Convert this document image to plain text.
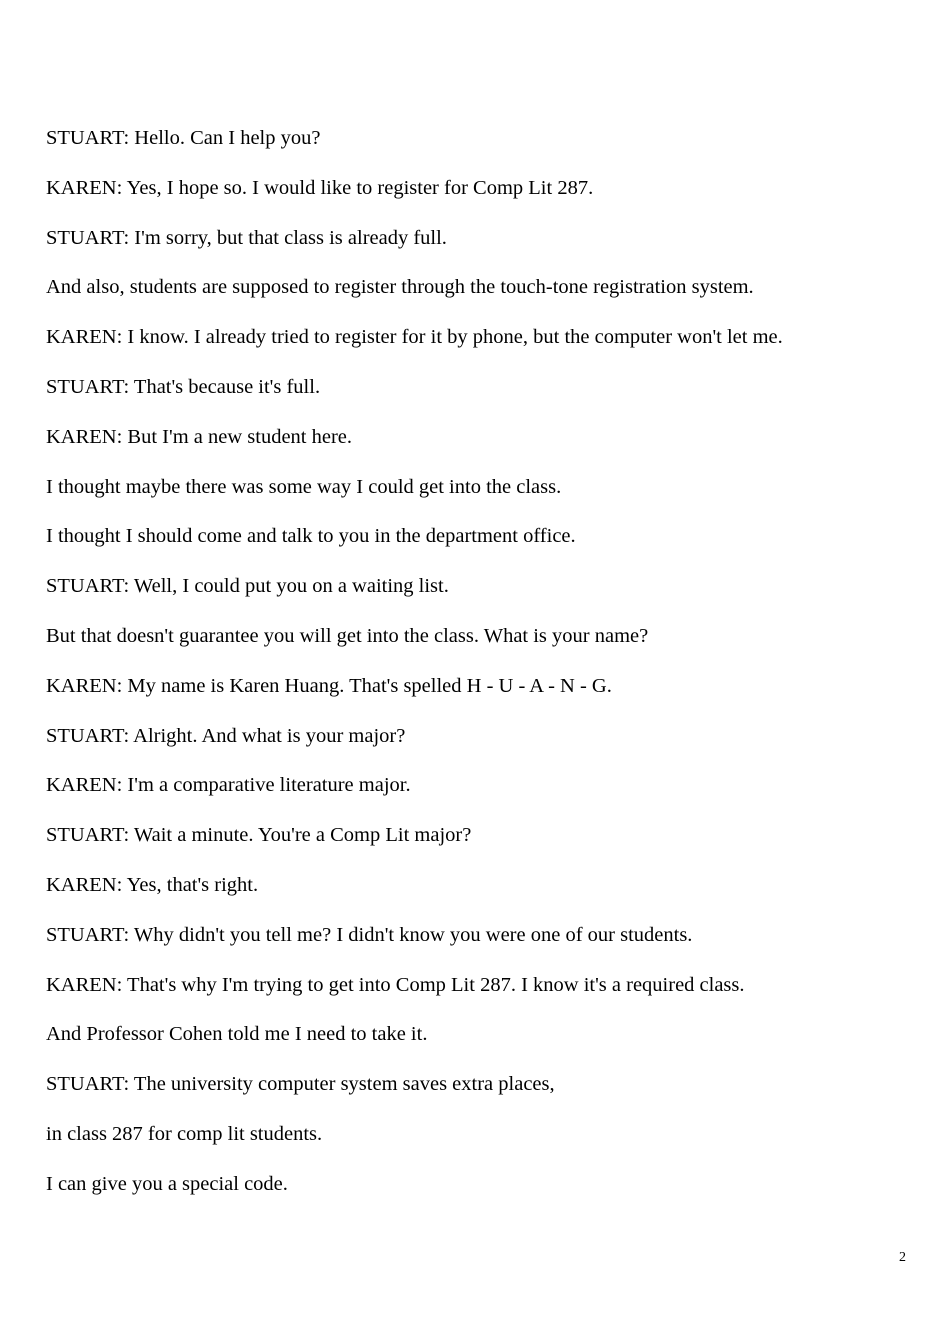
STUART: Hello. Can I help you?
KAREN: Yes, I hope so. I would like to register for Comp Lit 287.
STUART: I'm sorry, but that class is already full.
And also, students are supposed to register through the touch-tone registration system.
KAREN: I know. I already tried to register for it by phone, but the computer won't let me.
STUART: That's because it's full.
KAREN: But I'm a new student here.
I thought maybe there was some way I could get into the class.
I thought I should come and talk to you in the department office.
STUART: Well, I could put you on a waiting list.
But that doesn't guarantee you will get into the class. What is your name?
KAREN: My name is Karen Huang. That's spelled H - U - A - N - G.
STUART: Alright. And what is your major?
KAREN: I'm a comparative literature major.
STUART: Wait a minute. You're a Comp Lit major?
KAREN: Yes, that's right.
STUART: Why didn't you tell me? I didn't know you were one of our students.
KAREN: That's why I'm trying to get into Comp Lit 287. I know it's a required class.
And Professor Cohen told me I need to take it.
STUART: The university computer system saves extra places,
in class 287 for comp lit students.
I can give you a special code.
2
